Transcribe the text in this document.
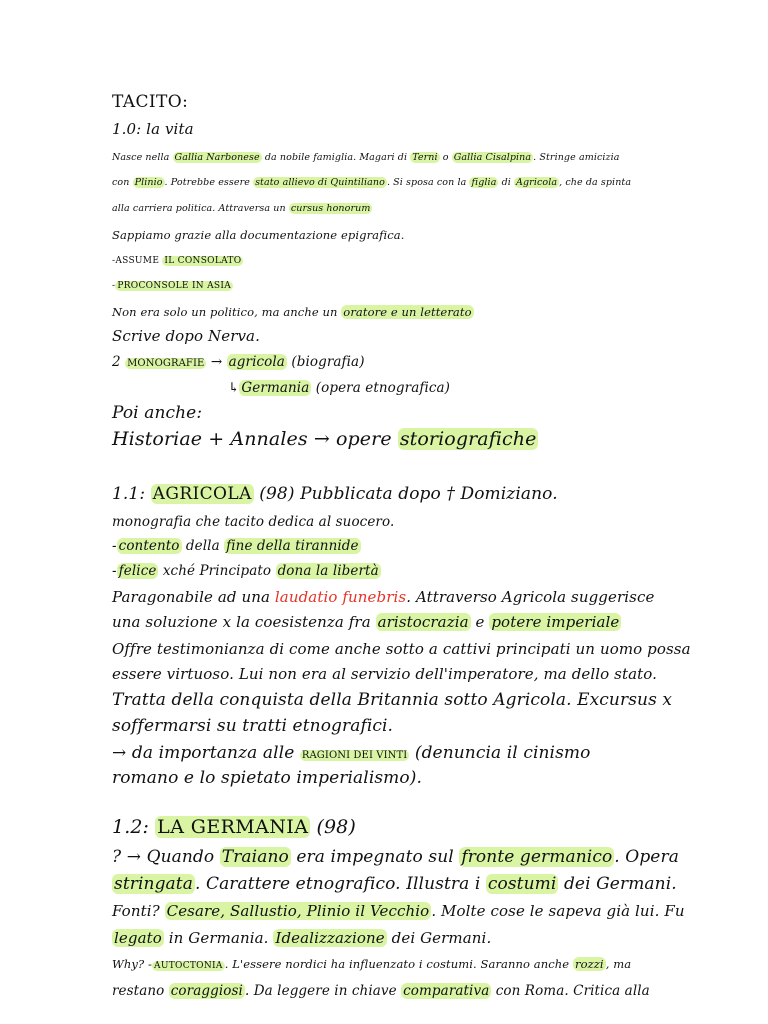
TACITO:
1.0: la vita
Nasce nella Gallia Narbonese da nobile famiglia. Magari di Terni o Gallia Cisalpina . Stringe amicizia
con Plinio . Potrebbe essere stato allievo di Quintiliano . Si sposa con la figlia di Agricola , che da spinta
alla carriera politica. Attraversa un cursus honorum
Sappiamo grazie alla documentazione epigrafica.
-ASSUME IL CONSOLATO
- PROCONSOLE IN ASIA
Non era solo un politico, ma anche un oratore e un letterato
Scrive dopo Nerva.
2 MONOGRAFIE → agricola (biografia)
↳ Germania (opera etnografica)
Poi anche:
Historiae + Annales → opere storiografiche
1.1: AGRICOLA (98) Pubblicata dopo † Domiziano.
monografia che tacito dedica al suocero.
- contento della fine della tirannide
- felice xché Principato dona la libertà
Paragonabile ad una laudatio funebris. Attraverso Agricola suggerisce
una soluzione x la coesistenza fra aristocrazia e potere imperiale
Offre testimonianza di come anche sotto a cattivi principati un uomo possa
essere virtuoso. Lui non era al servizio dell'imperatore, ma dello stato.
Tratta della conquista della Britannia sotto Agricola. Excursus x
soffermarsi su tratti etnografici.
→ da importanza alle RAGIONI DEI VINTI (denuncia il cinismo
romano e lo spietato imperialismo).
1.2: LA GERMANIA (98)
? → Quando Traiano era impegnato sul fronte germanico . Opera
stringata . Carattere etnografico. Illustra i costumi dei Germani.
Fonti? Cesare, Sallustio, Plinio il Vecchio . Molte cose le sapeva già lui. Fu
legato in Germania. Idealizzazione dei Germani.
Why? - AUTOCTONIA . L'essere nordici ha influenzato i costumi. Saranno anche rozzi , ma
restano coraggiosi . Da leggere in chiave comparativa con Roma. Critica alla
